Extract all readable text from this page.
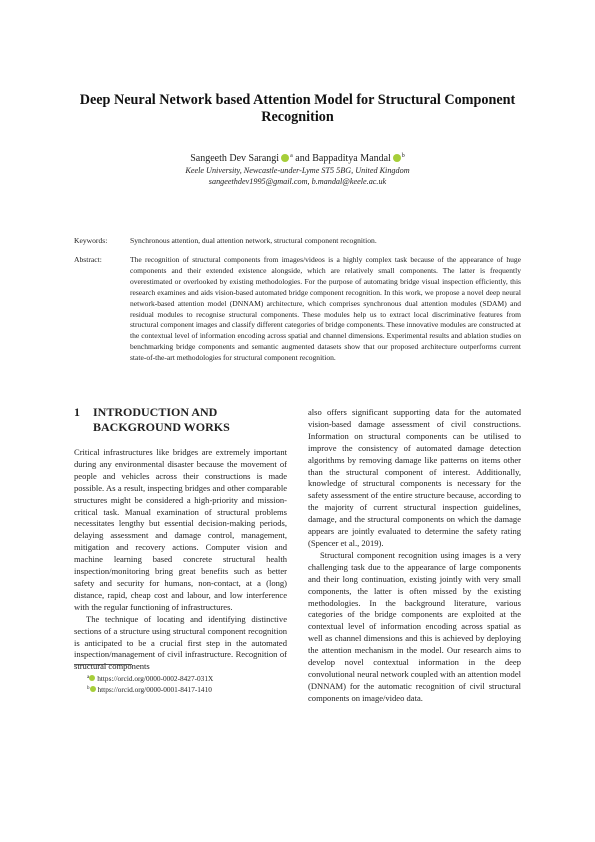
Deep Neural Network based Attention Model for Structural Component Recognition
Sangeeth Dev Sarangi $^a$ and Bappaditya Mandal $^b$
Keele University, Newcastle-under-Lyme ST5 5BG, United Kingdom
sangeethdev1995@gmail.com, b.mandal@keele.ac.uk
Keywords:	Synchronous attention, dual attention network, structural component recognition.
Abstract:	The recognition of structural components from images/videos is a highly complex task because of the appearance of huge components and their extended existence alongside, which are relatively small components. The latter is frequently overestimated or overlooked by existing methodologies. For the purpose of automating bridge visual inspection efficiently, this research examines and aids vision-based automated bridge component recognition. In this work, we propose a novel deep neural network-based attention model (DNNAM) architecture, which comprises synchronous dual attention modules (SDAM) and residual modules to recognise structural components. These modules help us to extract local discriminative features from structural component images and classify different categories of bridge components. These innovative modules are constructed at the contextual level of information encoding across spatial and channel dimensions. Experimental results and ablation studies on benchmarking bridge components and semantic augmented datasets show that our proposed architecture outperforms current state-of-the-art methodologies for structural component recognition.
1 INTRODUCTION AND BACKGROUND WORKS

Critical infrastructures like bridges are extremely important during any environmental disaster because the movement of people and vehicles across their constructions is made possible. As a result, inspecting bridges and other comparable structures might be considered a high-priority and mission-critical task. Manual examination of structural problems necessitates lengthy but essential decision-making periods, delaying assessment and damage control, management, mitigation and recovery actions. Computer vision and machine learning based concrete structural health inspection/monitoring bring great benefits such as better safety and security for humans, non-contact, at a (long) distance, rapid, cheap cost and labour, and low interference with the regular functioning of infrastructures.

The technique of locating and identifying distinctive sections of a structure using structural component recognition is anticipated to be a crucial first step in the automated inspection/management of civil infrastructure. Recognition of structural components

also offers significant supporting data for the automated vision-based damage assessment of civil constructions. Information on structural components can be utilised to improve the consistency of automated damage detection algorithms by removing damage like patterns on items other than the structural component of interest. Additionally, knowledge of structural components is necessary for the safety assessment of the entire structure because, according to the majority of current structural inspection guidelines, damage, and the structural components on which the damage appears are jointly evaluated to determine the safety rating (Spencer et al., 2019).

Structural component recognition using images is a very challenging task due to the appearance of large components and their long continuation, existing jointly with very small components, the latter is often missed by the existing methodologies. In the background literature, various categories of the bridge components are exploited at the contextual level of information encoding across spatial as well as channel dimensions and this is achieved by deploying the attention mechanism in the model. Our research aims to develop novel contextual information in the deep convolutional neural network coupled with an attention model (DNNAM) for the automatic recognition of civil structural components on image/video data.

$^a$ https://orcid.org/0000-0002-8427-031X
$^b$ https://orcid.org/0000-0001-8417-1410
